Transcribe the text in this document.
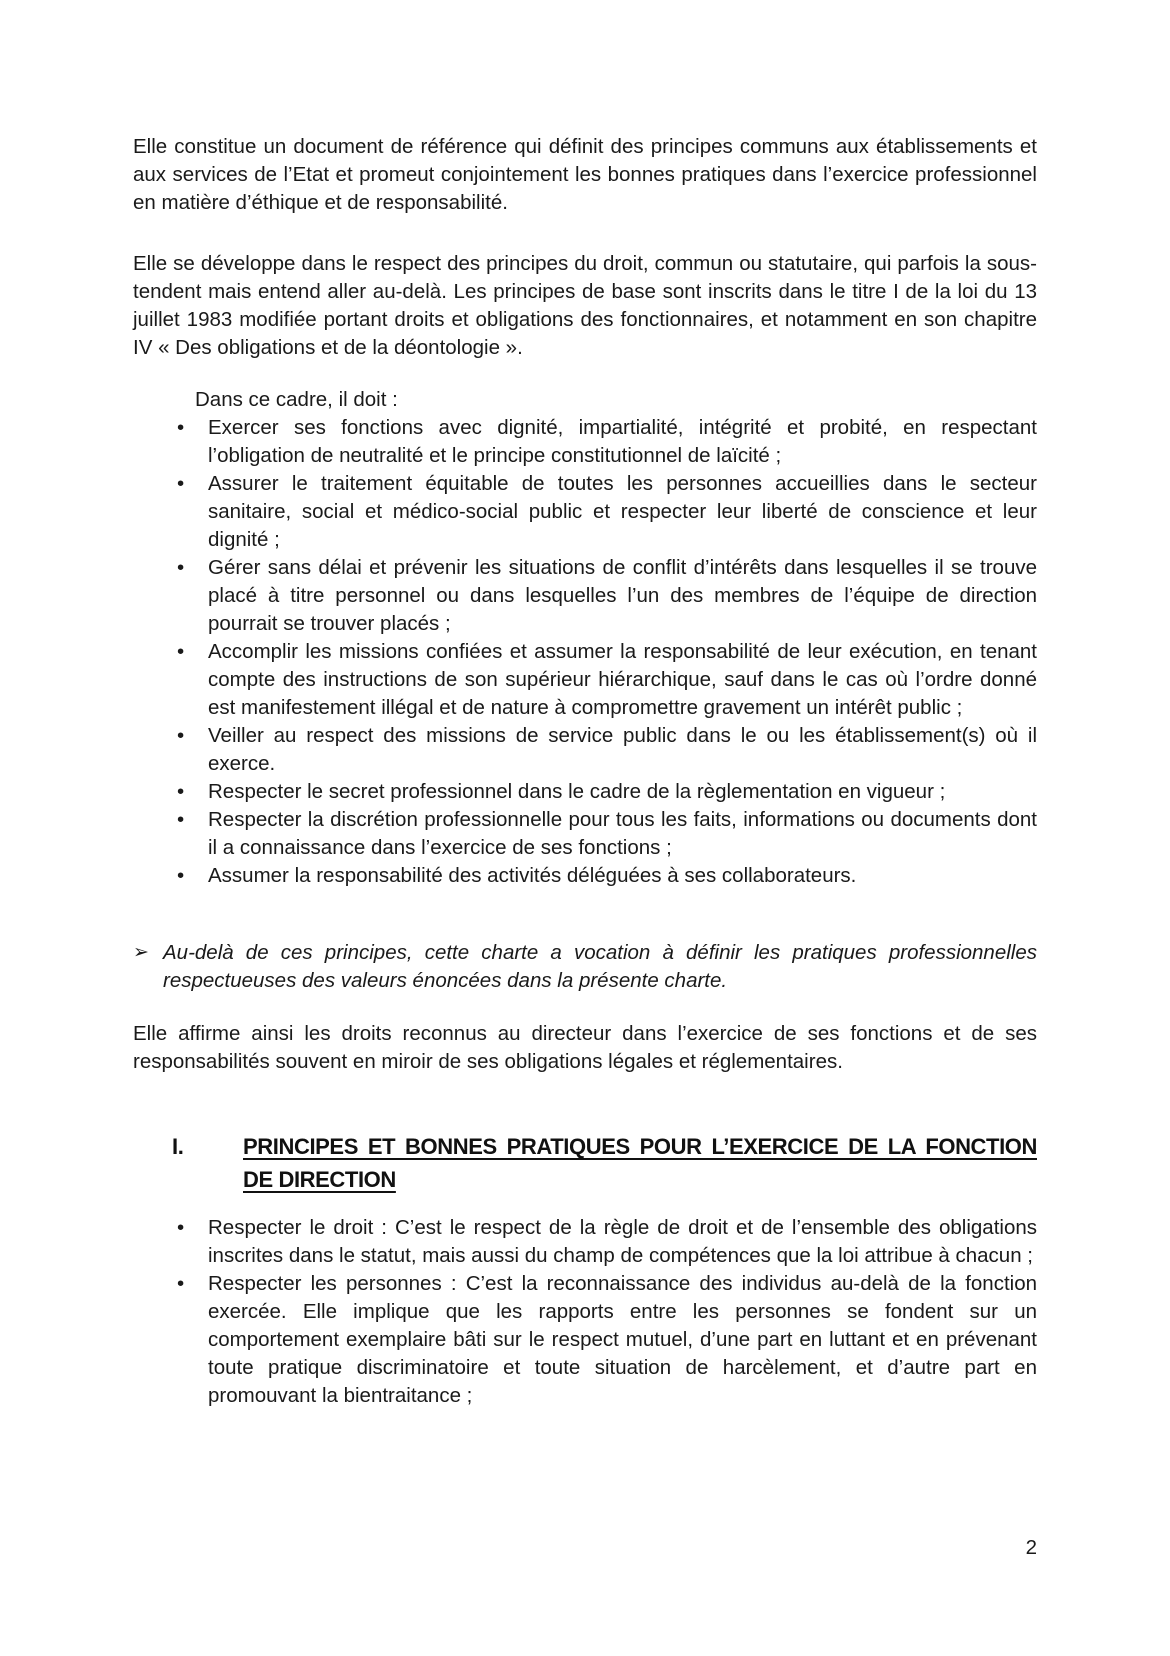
Elle constitue un document de référence qui définit des principes communs aux établissements et aux services de l’Etat et promeut conjointement les bonnes pratiques dans l’exercice professionnel en matière d’éthique et de responsabilité.

Elle se développe dans le respect des principes du droit, commun ou statutaire, qui parfois la sous-tendent mais entend aller au-delà. Les principes de base sont inscrits dans le titre I de la loi du 13 juillet 1983 modifiée portant droits et obligations des fonctionnaires, et notamment en son chapitre IV « Des obligations et de la déontologie ».

Dans ce cadre, il doit :

• Exercer ses fonctions avec dignité, impartialité, intégrité et probité, en respectant l’obligation de neutralité et le principe constitutionnel de laïcité ;
• Assurer le traitement équitable de toutes les personnes accueillies dans le secteur sanitaire, social et médico-social public et respecter leur liberté de conscience et leur dignité ;
• Gérer sans délai et prévenir les situations de conflit d’intérêts dans lesquelles il se trouve placé à titre personnel ou dans lesquelles l’un des membres de l’équipe de direction pourrait se trouver placés ;
• Accomplir les missions confiées et assumer la responsabilité de leur exécution, en tenant compte des instructions de son supérieur hiérarchique, sauf dans le cas où l’ordre donné est manifestement illégal et de nature à compromettre gravement un intérêt public ;
• Veiller au respect des missions de service public dans le ou les établissement(s) où il exerce.
• Respecter le secret professionnel dans le cadre de la règlementation en vigueur ;
• Respecter la discrétion professionnelle pour tous les faits, informations ou documents dont il a connaissance dans l’exercice de ses fonctions ;
• Assumer la responsabilité des activités déléguées à ses collaborateurs.
➢ Au-delà de ces principes, cette charte a vocation à définir les pratiques professionnelles respectueuses des valeurs énoncées dans la présente charte.

Elle affirme ainsi les droits reconnus au directeur dans l’exercice de ses fonctions et de ses responsabilités souvent en miroir de ses obligations légales et réglementaires.

I.	PRINCIPES ET BONNES PRATIQUES POUR L’EXERCICE DE LA FONCTION
DE DIRECTION
• Respecter le droit : C’est le respect de la règle de droit et de l’ensemble des obligations inscrites dans le statut, mais aussi du champ de compétences que la loi attribue à chacun ;
• Respecter les personnes : C’est la reconnaissance des individus au-delà de la fonction exercée. Elle implique que les rapports entre les personnes se fondent sur un comportement exemplaire bâti sur le respect mutuel, d’une part en luttant et en prévenant toute pratique discriminatoire et toute situation de harcèlement, et d’autre part en promouvant la bientraitance ;
2
